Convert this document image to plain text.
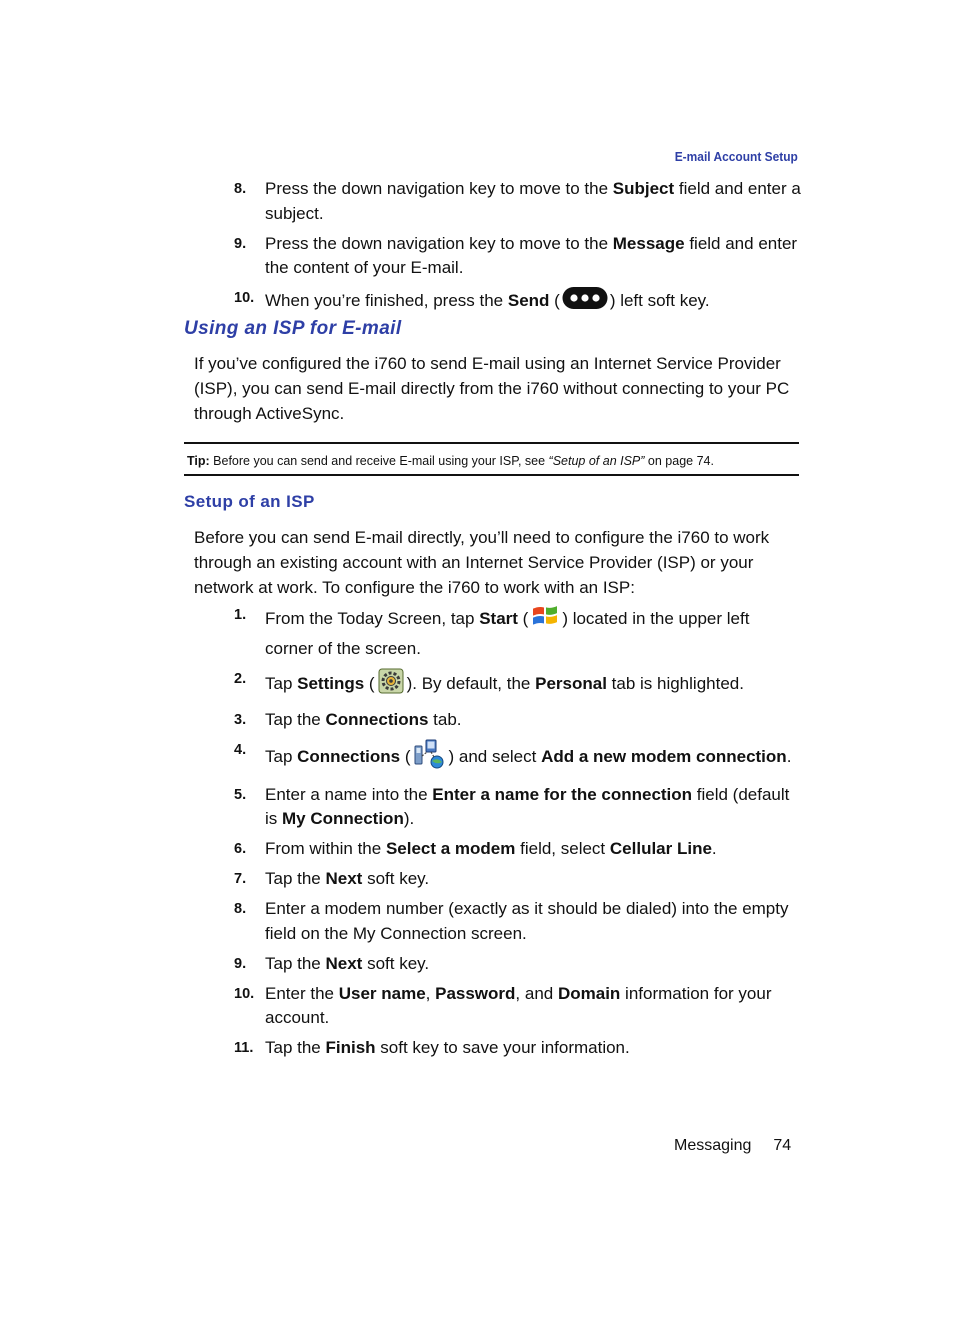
E-mail Account Setup
8. Press the down navigation key to move to the Subject field and enter a subject.
9. Press the down navigation key to move to the Message field and enter the content of your E-mail.
10. When you’re finished, press the Send (	) left soft key.
Using an ISP for E-mail

If you’ve configured the i760 to send E-mail using an Internet Service Provider (ISP), you can send E-mail directly from the i760 without connecting to your PC through ActiveSync.

Tip: Before you can send and receive E-mail using your ISP, see “Setup of an ISP” on page 74.
Setup of an ISP

Before you can send E-mail directly, you’ll need to configure the i760 to work through an existing account with an Internet Service Provider (ISP) or your network at work. To configure the i760 to work with an ISP:

1. From the Today Screen, tap Start ( ) located in the upper left corner of the screen.
2. Tap Settings ( ). By default, the Personal tab is highlighted.
3. Tap the Connections tab.
4. Tap Connections ( ) and select Add a new modem connection.
5. Enter a name into the Enter a name for the connection field (default is My Connection).
6. From within the Select a modem field, select Cellular Line.
7. Tap the Next soft key.
8. Enter a modem number (exactly as it should be dialed) into the empty field on the My Connection screen.
9. Tap the Next soft key.
10. Enter the User name, Password, and Domain information for your account.
11. Tap the Finish soft key to save your information.
Messaging 74
